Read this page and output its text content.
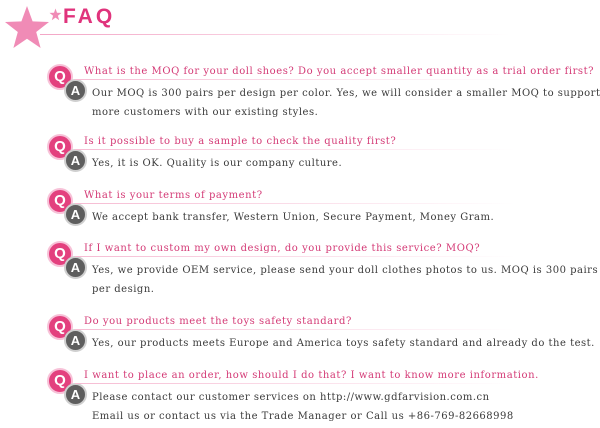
FAQ
Q
A
What is the MOQ for your doll shoes? Do you accept smaller quantity as a trial order first?
Our MOQ is 300 pairs per design per color. Yes, we will consider a smaller MOQ to support
more customers with our existing styles.
Q
A
Is it possible to buy a sample to check the quality first?
Yes, it is OK. Quality is our company culture.
Q
A
What is your terms of payment?
We accept bank transfer, Western Union, Secure Payment, Money Gram.
Q
A
If I want to custom my own design, do you provide this service? MOQ?
Yes, we provide OEM service, please send your doll clothes photos to us. MOQ is 300 pairs
per design.
Q
A
Do you products meet the toys safety standard?
Yes, our products meets Europe and America toys safety standard and already do the test.
Q
A
I want to place an order, how should I do that? I want to know more information.
Please contact our customer services on http://www.gdfarvision.com.cn
Email us or contact us via the Trade Manager or Call us +86-769-82668998
